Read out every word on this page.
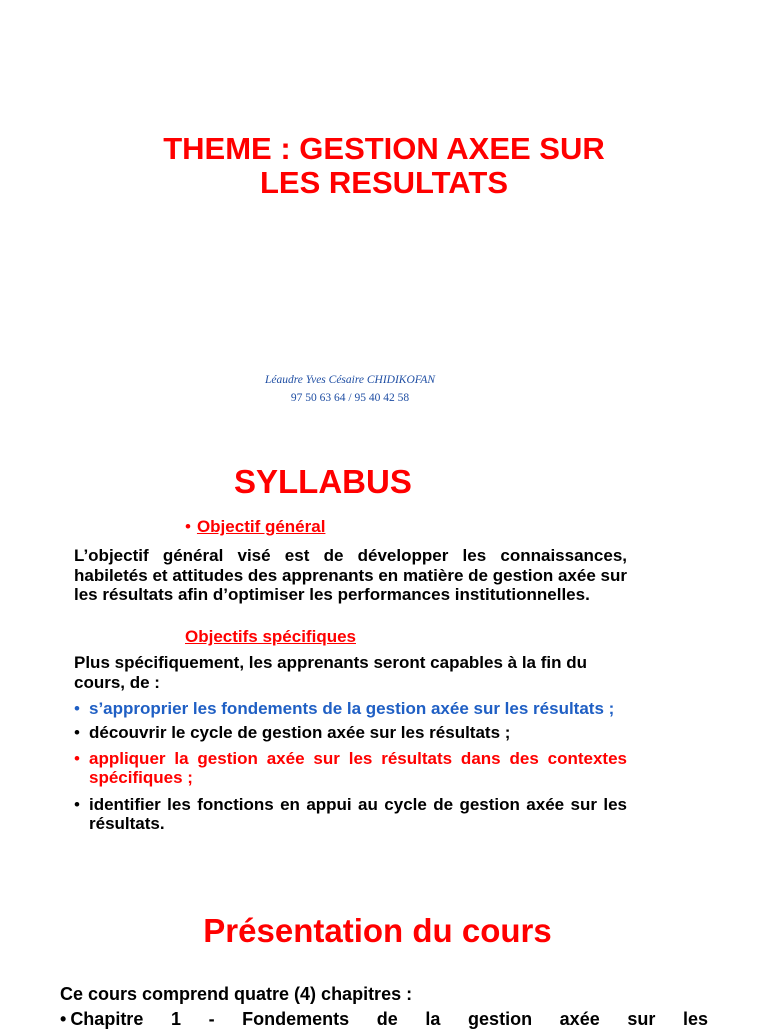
THEME : GESTION AXEE SUR
LES RESULTATS
Léaudre Yves Césaire CHIDIKOFAN
97 50 63 64 / 95 40 42 58
SYLLABUS
• Objectif général
L’objectif général visé est de développer les connaissances, habiletés et attitudes des apprenants en matière de gestion axée sur les résultats afin d’optimiser les performances institutionnelles.
Objectifs spécifiques
Plus spécifiquement, les apprenants seront capables à la fin du cours, de :
• s’approprier les fondements de la gestion axée sur les résultats ;
• découvrir le cycle de gestion axée sur les résultats ;
• appliquer la gestion axée sur les résultats dans des contextes spécifiques ;
• identifier les fonctions en appui au cycle de gestion axée sur les résultats.
Présentation du cours
Ce cours comprend quatre (4) chapitres :
• Chapitre 1 - Fondements de la gestion axée sur les
